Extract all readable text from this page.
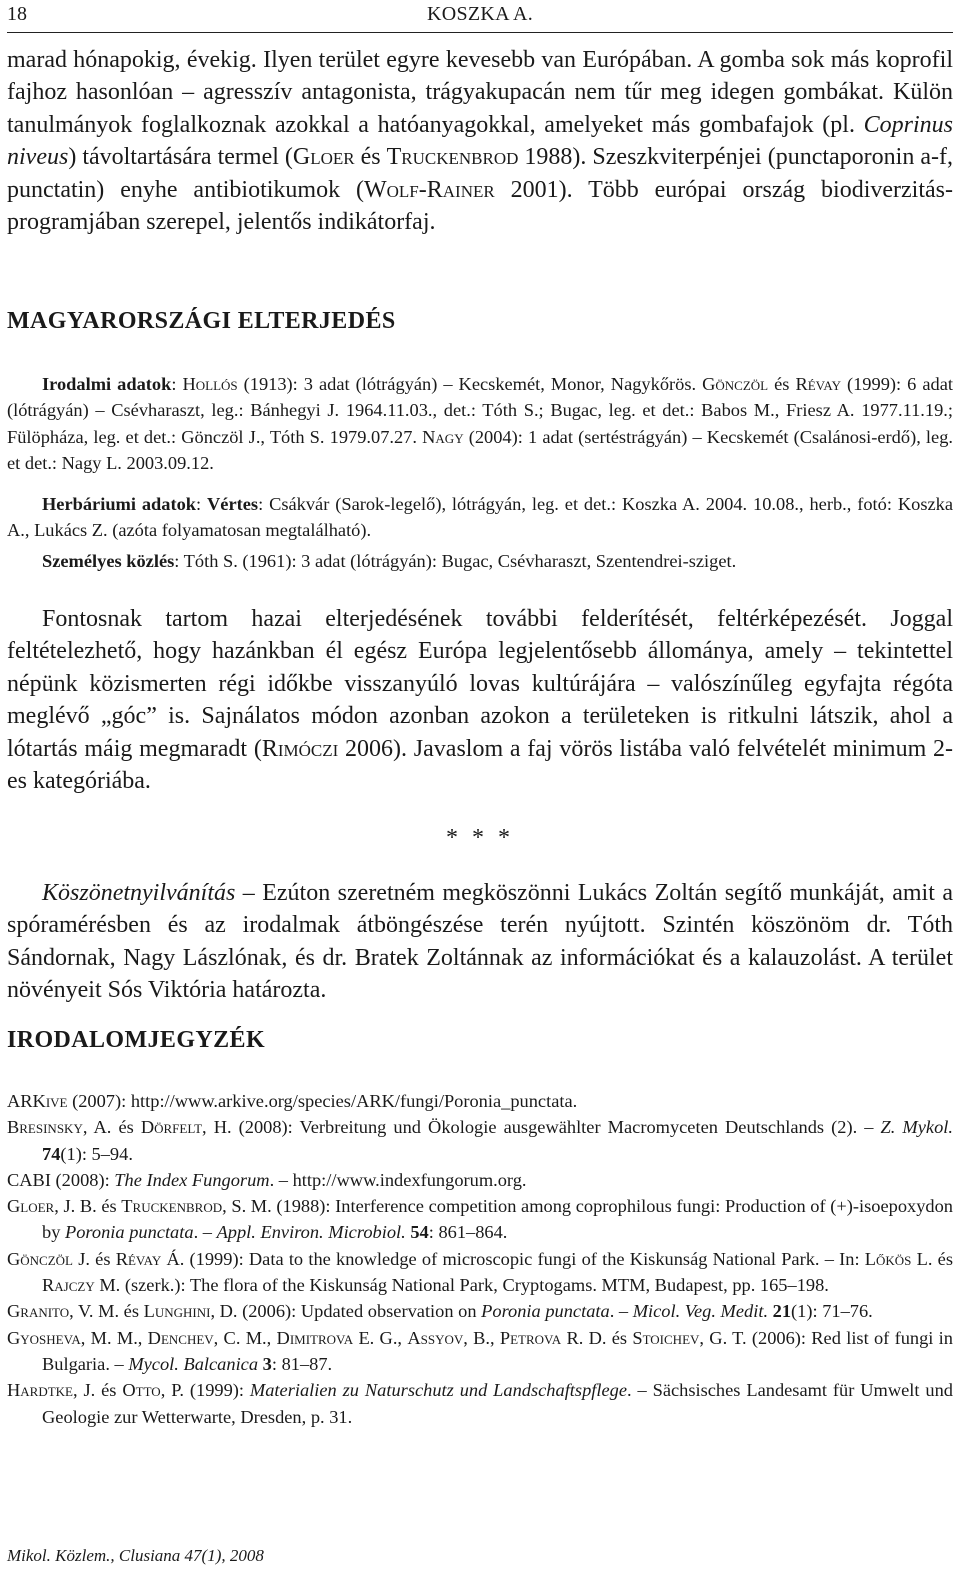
18	KOSZKA A.

marad hónapokig, évekig. Ilyen terület egyre kevesebb van Európában. A gomba sok más koprofil fajhoz hasonlóan – agresszív antagonista, trágyakupacán nem tűr meg idegen gombákat. Külön tanulmányok foglalkoznak azokkal a hatóanyagokkal, amelyeket más gombafajok (pl. Coprinus niveus) távoltartására termel (Gloer és Truckenbrod 1988). Szeszkviterpénjei (punctaporonin a-f, punctatin) enyhe antibiotikumok (Wolf-Rainer 2001). Több európai ország biodiverzitás-programjában szerepel, jelentős indikátorfaj.

MAGYARORSZÁGI ELTERJEDÉS

Irodalmi adatok: Hollós (1913): 3 adat (lótrágyán) – Kecskemét, Monor, Nagykőrös. Gönczöl és Révay (1999): 6 adat (lótrágyán) – Csévharaszt, leg.: Bánhegyi J. 1964.11.03., det.: Tóth S.; Bugac, leg. et det.: Babos M., Friesz A. 1977.11.19.; Fülöpháza, leg. et det.: Gönczöl J., Tóth S. 1979.07.27. Nagy (2004): 1 adat (sertéstrágyán) – Kecskemét (Csalánosi-erdő), leg. et det.: Nagy L. 2003.09.12.

Herbáriumi adatok: Vértes: Csákvár (Sarok-legelő), lótrágyán, leg. et det.: Koszka A. 2004. 10.08., herb., fotó: Koszka A., Lukács Z. (azóta folyamatosan megtalálható).

Személyes közlés: Tóth S. (1961): 3 adat (lótrágyán): Bugac, Csévharaszt, Szentendrei-sziget.

Fontosnak tartom hazai elterjedésének további felderítését, feltérképezését. Joggal feltételezhető, hogy hazánkban él egész Európa legjelentősebb állománya, amely – tekintettel népünk közismerten régi időkbe visszanyúló lovas kultúrájára – valószínűleg egyfajta régóta meglévő „góc” is. Sajnálatos módon azonban azokon a területeken is ritkulni látszik, ahol a lótartás máig megmaradt (Rimóczi 2006). Javaslom a faj vörös listába való felvételét minimum 2-es kategóriába.

* * *

Köszönetnyilvánítás – Ezúton szeretném megköszönni Lukács Zoltán segítő munkáját, amit a spóramérésben és az irodalmak átböngészése terén nyújtott. Szintén köszönöm dr. Tóth Sándornak, Nagy Lászlónak, és dr. Bratek Zoltánnak az információkat és a kalauzolást. A terület növényeit Sós Viktória határozta.

IRODALOMJEGYZÉK

ARKive (2007): http://www.arkive.org/species/ARK/fungi/Poronia_punctata.

Bresinsky, A. és Dörfelt, H. (2008): Verbreitung und Ökologie ausgewählter Macromyceten Deutschlands (2). – Z. Mykol. 74(1): 5–94.

CABI (2008): The Index Fungorum. – http://www.indexfungorum.org.

Gloer, J. B. és Truckenbrod, S. M. (1988): Interference competition among coprophilous fungi: Production of (+)-isoepoxydon by Poronia punctata. – Appl. Environ. Microbiol. 54: 861–864.

Gönczöl J. és Révay Á. (1999): Data to the knowledge of microscopic fungi of the Kiskunság National Park. – In: Lőkös L. és Rajczy M. (szerk.): The flora of the Kiskunság National Park, Cryptogams. MTM, Budapest, pp. 165–198.

Granito, V. M. és Lunghini, D. (2006): Updated observation on Poronia punctata. – Micol. Veg. Medit. 21(1): 71–76.

Gyosheva, M. M., Denchev, C. M., Dimitrova E. G., Assyov, B., Petrova R. D. és Stoichev, G. T. (2006): Red list of fungi in Bulgaria. – Mycol. Balcanica 3: 81–87.

Hardtke, J. és Otto, P. (1999): Materialien zu Naturschutz und Landschaftspflege. – Sächsisches Landesamt für Umwelt und Geologie zur Wetterwarte, Dresden, p. 31.

Mikol. Közlem., Clusiana 47(1), 2008
